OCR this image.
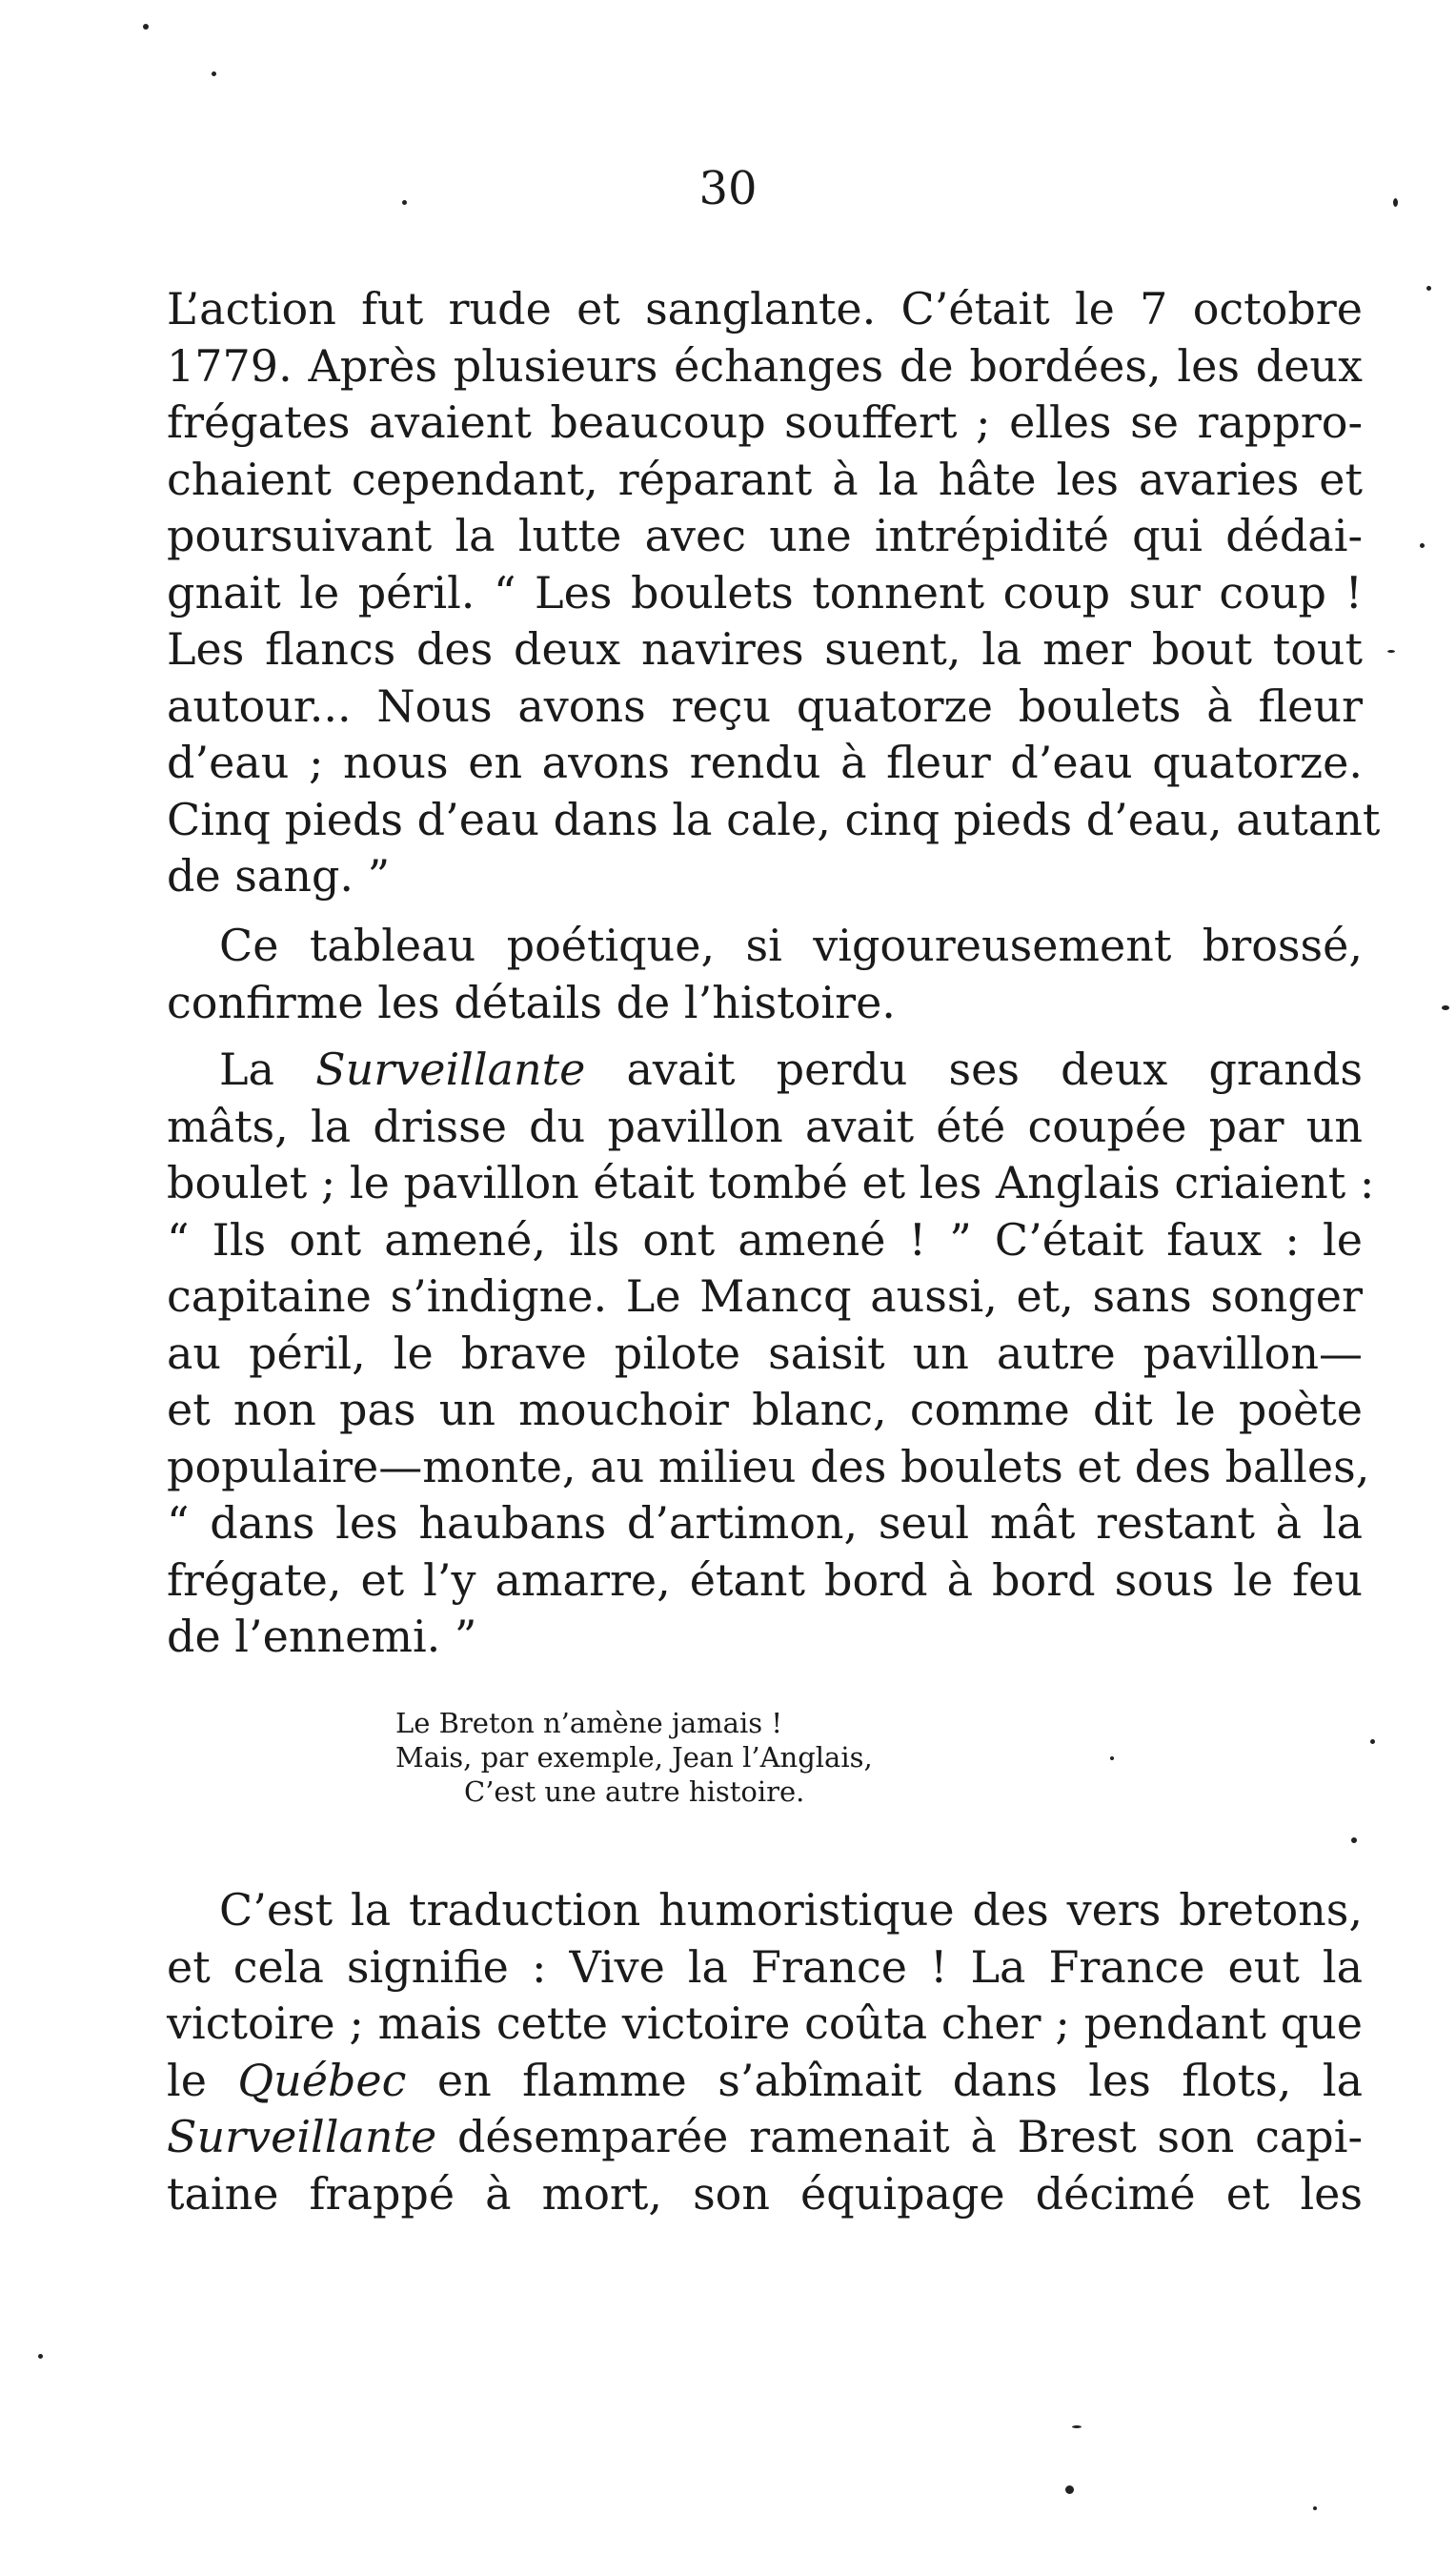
30
L’action fut rude et sanglante. C’était le 7 octobre
1779. Après plusieurs échanges de bordées, les deux
frégates avaient beaucoup souffert ; elles se rappro-
chaient cependant, réparant à la hâte les avaries et
poursuivant la lutte avec une intrépidité qui dédai-
gnait le péril. “ Les boulets tonnent coup sur coup !
Les flancs des deux navires suent, la mer bout tout
autour... Nous avons reçu quatorze boulets à fleur
d’eau ; nous en avons rendu à fleur d’eau quatorze.
Cinq pieds d’eau dans la cale, cinq pieds d’eau, autant
de sang. ”
Ce tableau poétique, si vigoureusement brossé,
confirme les détails de l’histoire.
La Surveillante avait perdu ses deux grands
mâts, la drisse du pavillon avait été coupée par un
boulet ; le pavillon était tombé et les Anglais criaient :
“ Ils ont amené, ils ont amené ! ” C’était faux : le
capitaine s’indigne. Le Mancq aussi, et, sans songer
au péril, le brave pilote saisit un autre pavillon—
et non pas un mouchoir blanc, comme dit le poète
populaire—monte, au milieu des boulets et des balles,
“ dans les haubans d’artimon, seul mât restant à la
frégate, et l’y amarre, étant bord à bord sous le feu
de l’ennemi. ”
Le Breton n’amène jamais !
Mais, par exemple, Jean l’Anglais,
C’est une autre histoire.
C’est la traduction humoristique des vers bretons,
et cela signifie : Vive la France ! La France eut la
victoire ; mais cette victoire coûta cher ; pendant que
le Québec en flamme s’abîmait dans les flots, la
Surveillante désemparée ramenait à Brest son capi-
taine frappé à mort, son équipage décimé et les
